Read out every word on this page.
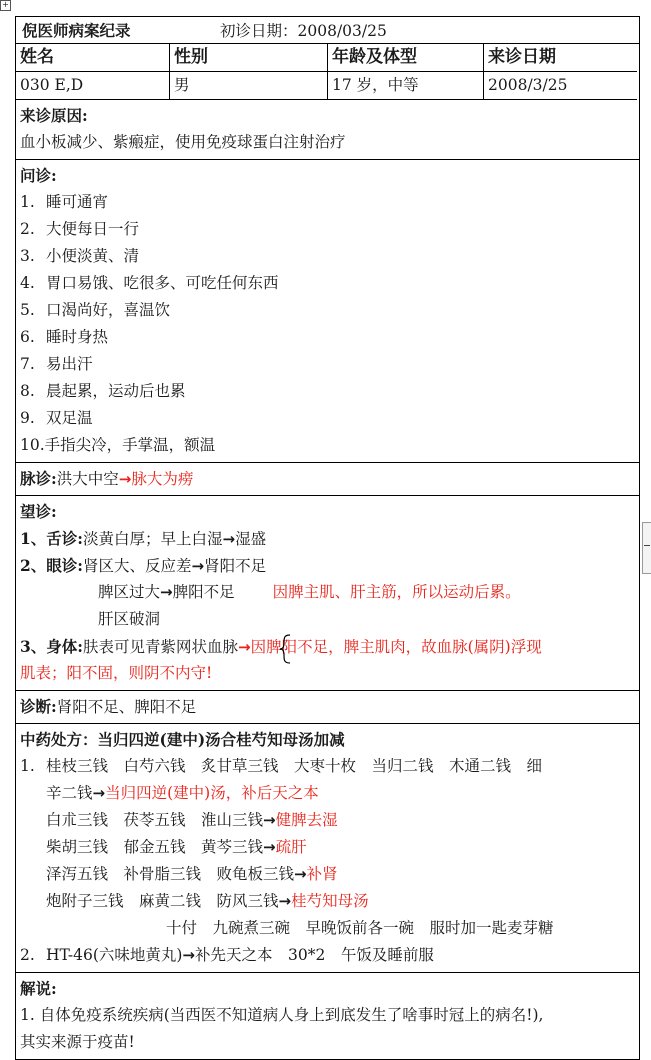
+
倪医师病案纪录	初诊日期：2008/03/25
姓名	性别	年龄及体型	来诊日期
030 E,D	男	17 岁，中等	2008/3/25
来诊原因:
血小板减少、紫瘢症，使用免疫球蛋白注射治疗
问诊:
1. 睡可通宵
2. 大便每日一行
3. 小便淡黄、清
4. 胃口易饿、吃很多、可吃任何东西
5. 口渴尚好，喜温饮
6. 睡时身热
7. 易出汗
8. 晨起累，运动后也累
9. 双足温
10.手指尖冷，手掌温，额温
脉诊:洪大中空→脉大为痨
望诊:
1、舌诊:淡黄白厚；早上白湿→湿盛
2、眼诊:肾区大、反应差→肾阳不足
脾区过大→脾阳不足 因脾主肌、肝主筋，所以运动后累。
肝区破洞
3、身体:肤表可见青紫网状血脉→因脾阳不足，脾主肌肉，故血脉(属阴)浮现
肌表；阳不固，则阴不内守!
诊断:肾阳不足、脾阳不足
中药处方：当归四逆(建中)汤合桂芍知母汤加减
1. 桂枝三钱　白芍六钱　炙甘草三钱　大枣十枚　当归二钱　木通二钱　细
辛二钱→当归四逆(建中)汤，补后天之本
白朮三钱　茯苓五钱　淮山三钱→健脾去湿
柴胡三钱　郁金五钱　黄芩三钱→疏肝
泽泻五钱　补骨脂三钱　败龟板三钱→补肾
炮附子三钱　麻黄二钱　防风三钱→桂芍知母汤
十付　九碗煮三碗　早晚饭前各一碗　服时加一匙麦芽糖
2. HT-46(六味地黄丸)→补先天之本　30*2　午饭及睡前服
解说:
1. 自体免疫系统疾病(当西医不知道病人身上到底发生了啥事时冠上的病名!),
其实来源于疫苗!
